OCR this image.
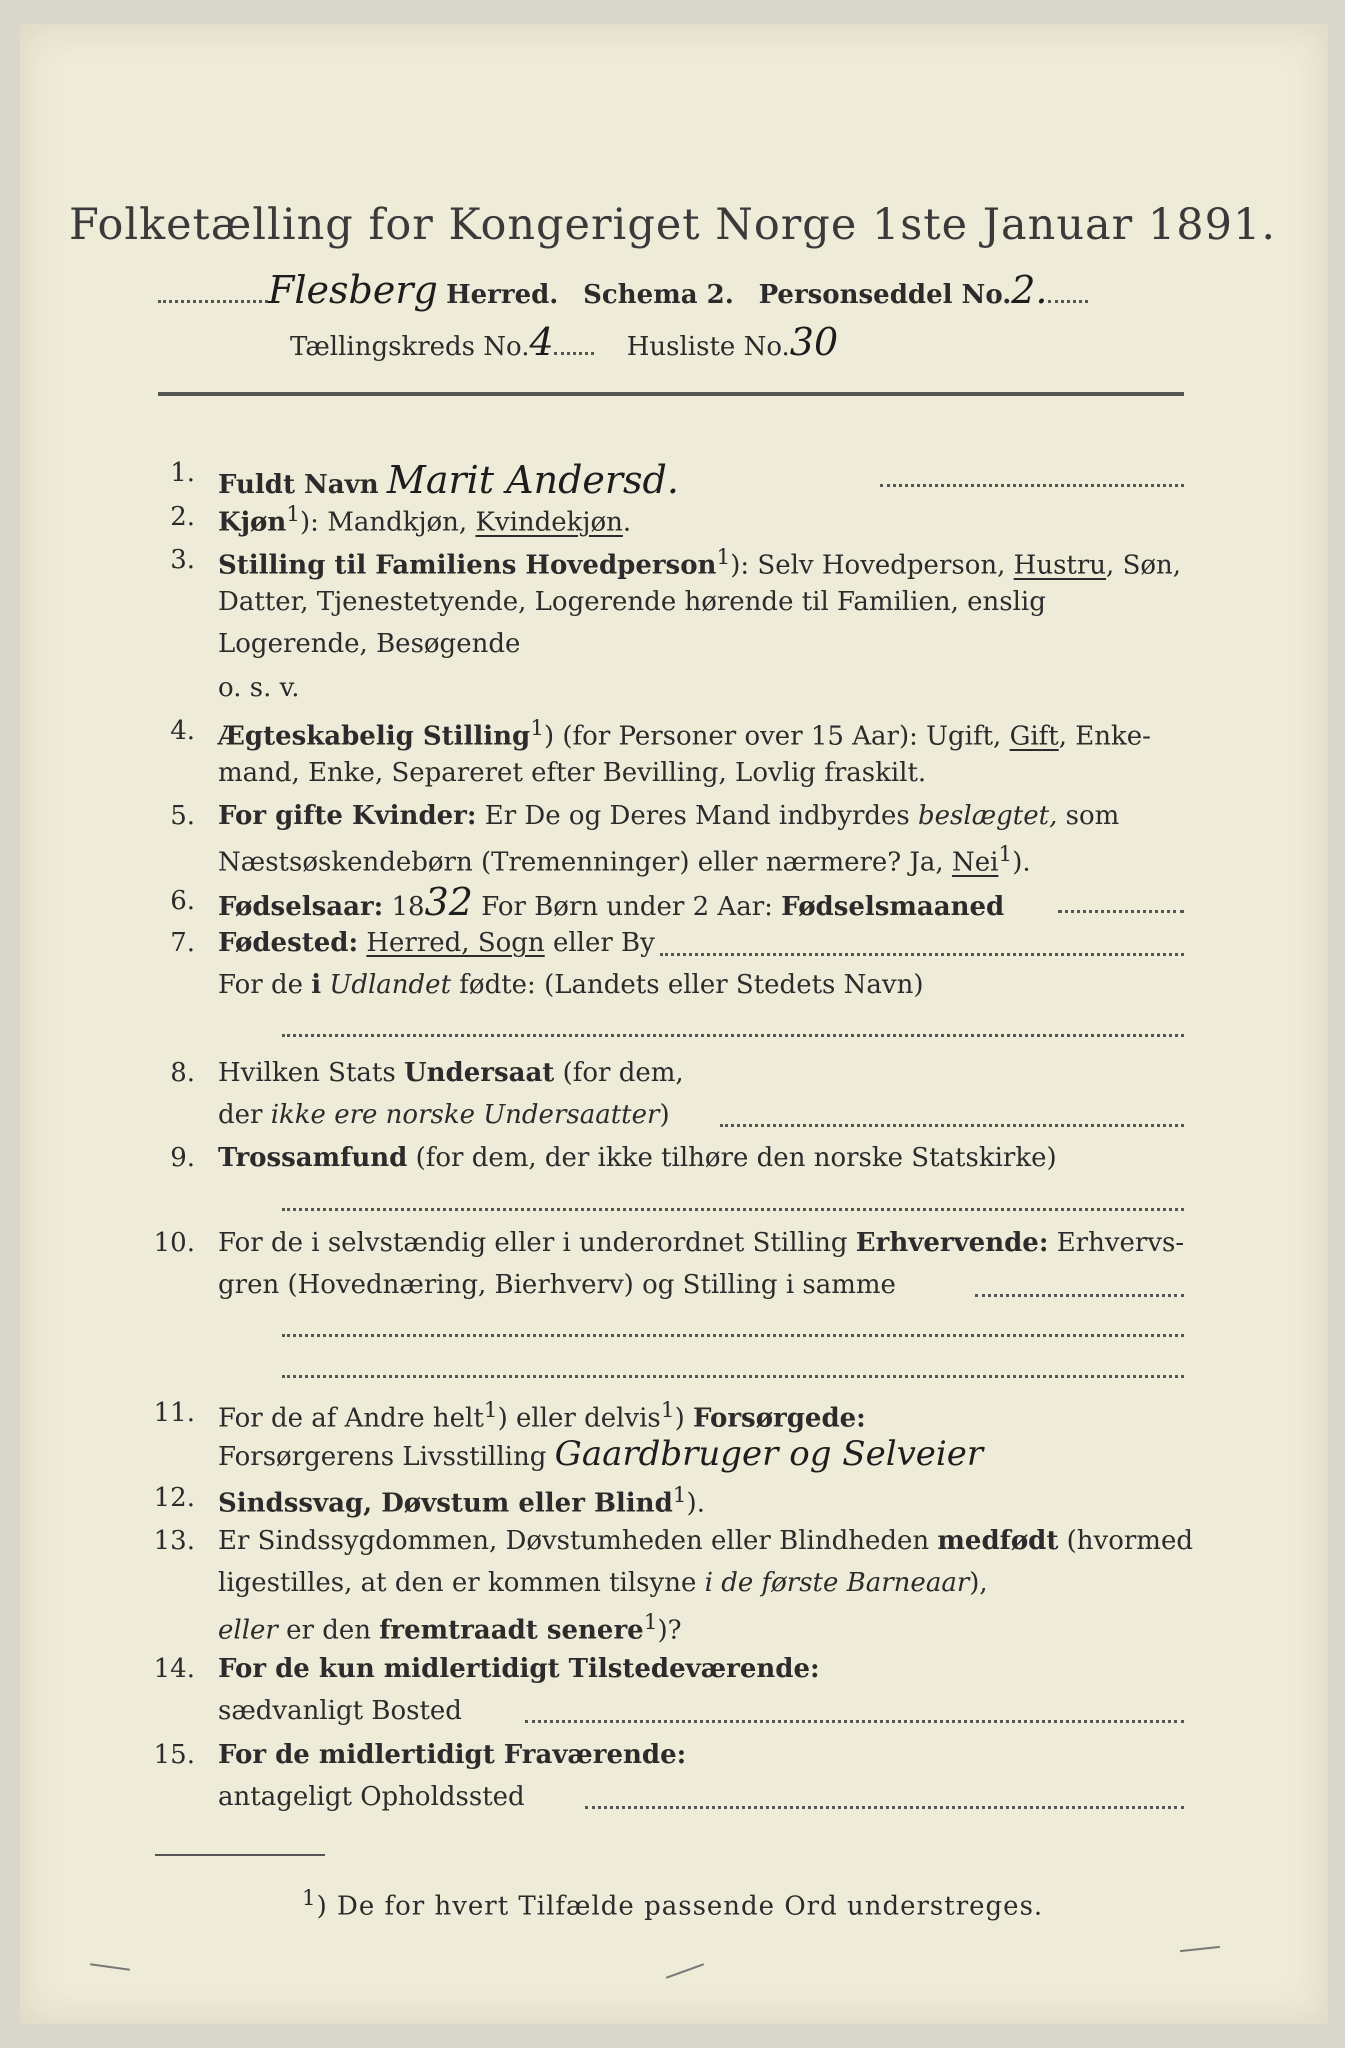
Folketælling for Kongeriget Norge 1ste Januar 1891.
Flesberg Herred. Schema 2. Personseddel No.2.
Tællingskreds No.4	Husliste No.30
1. Fuldt Navn Marit Andersd.
2. Kjøn$^1$): Mandkjøn, Kvindekjøn.
3. Stilling til Familiens Hovedperson$^1$): Selv Hovedperson, Hustru, Søn,
Datter, Tjenestetyende, Logerende hørende til Familien, enslig
Logerende, Besøgende
o. s. v.
4. Ægteskabelig Stilling$^1$) (for Personer over 15 Aar): Ugift, Gift, Enke-
mand, Enke, Separeret efter Bevilling, Lovlig fraskilt.
5. For gifte Kvinder: Er De og Deres Mand indbyrdes beslægtet, som
Næstsøskendebørn (Tremenninger) eller nærmere? Ja, Nei$^1$).
6. Fødselsaar: 1832 For Børn under 2 Aar: Fødselsmaaned
7. Fødested: Herred, Sogn eller By
For de i Udlandet fødte: (Landets eller Stedets Navn)
8. Hvilken Stats Undersaat (for dem,
der ikke ere norske Undersaatter)
9. Trossamfund (for dem, der ikke tilhøre den norske Statskirke)
10. For de i selvstændig eller i underordnet Stilling Erhvervende: Erhvervs-
gren (Hovednæring, Bierhverv) og Stilling i samme
11. For de af Andre helt$^1$) eller delvis$^1$) Forsørgede:
Forsørgerens Livsstilling Gaardbruger og Selveier
12. Sindssvag, Døvstum eller Blind$^1$).
13. Er Sindssygdommen, Døvstumheden eller Blindheden medfødt (hvormed
ligestilles, at den er kommen tilsyne i de første Barneaar),
eller er den fremtraadt senere$^1$)?
14. For de kun midlertidigt Tilstedeværende:
sædvanligt Bosted
15. For de midlertidigt Fraværende:
antageligt Opholdssted
$^1$) De for hvert Tilfælde passende Ord understreges.
